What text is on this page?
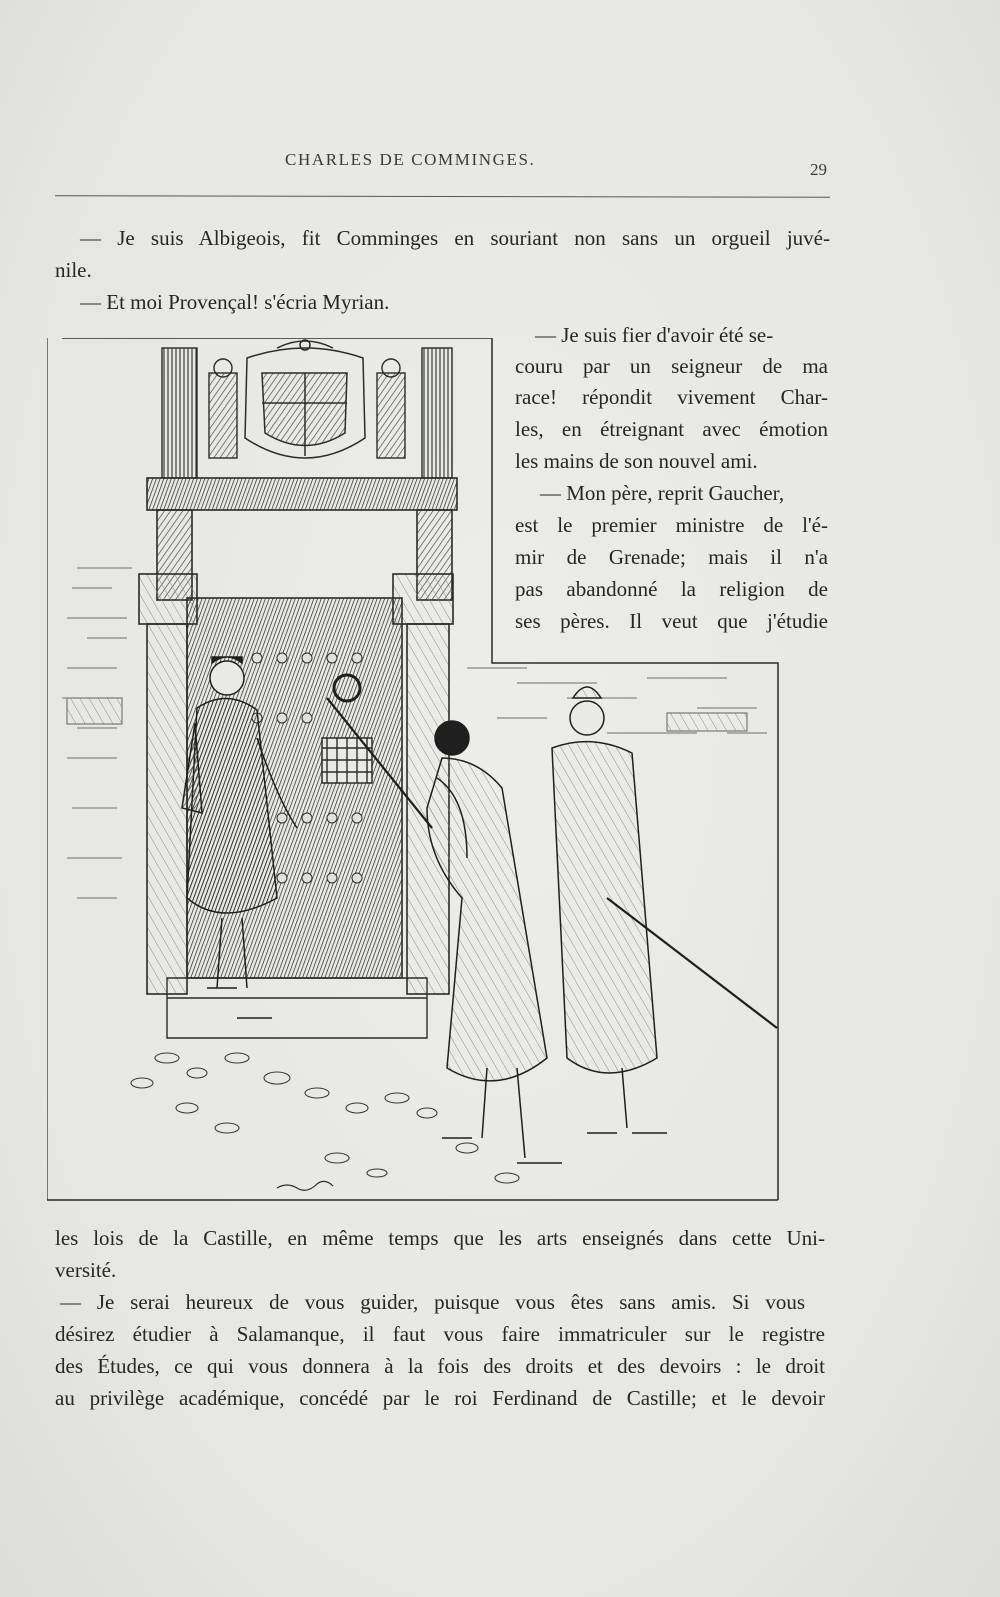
CHARLES DE COMMINGES.
29

— Je suis Albigeois, fit Comminges en souriant non sans un orgueil juvé-

nile.

— Et moi Provençal! s'écria Myrian.

— Je suis fier d'avoir été se-
couru par un seigneur de ma
race! répondit vivement Char-
les, en étreignant avec émotion
les mains de son nouvel ami.
— Mon père, reprit Gaucher,
est le premier ministre de l'é-
mir de Grenade; mais il n'a
pas abandonné la religion de
ses pères. Il veut que j'étudie
les lois de la Castille, en même temps que les arts enseignés dans cette Uni-
versité.
— Je serai heureux de vous guider, puisque vous êtes sans amis. Si vous
désirez étudier à Salamanque, il faut vous faire immatriculer sur le registre
des Études, ce qui vous donnera à la fois des droits et des devoirs : le droit
au privilège académique, concédé par le roi Ferdinand de Castille; et le devoir
